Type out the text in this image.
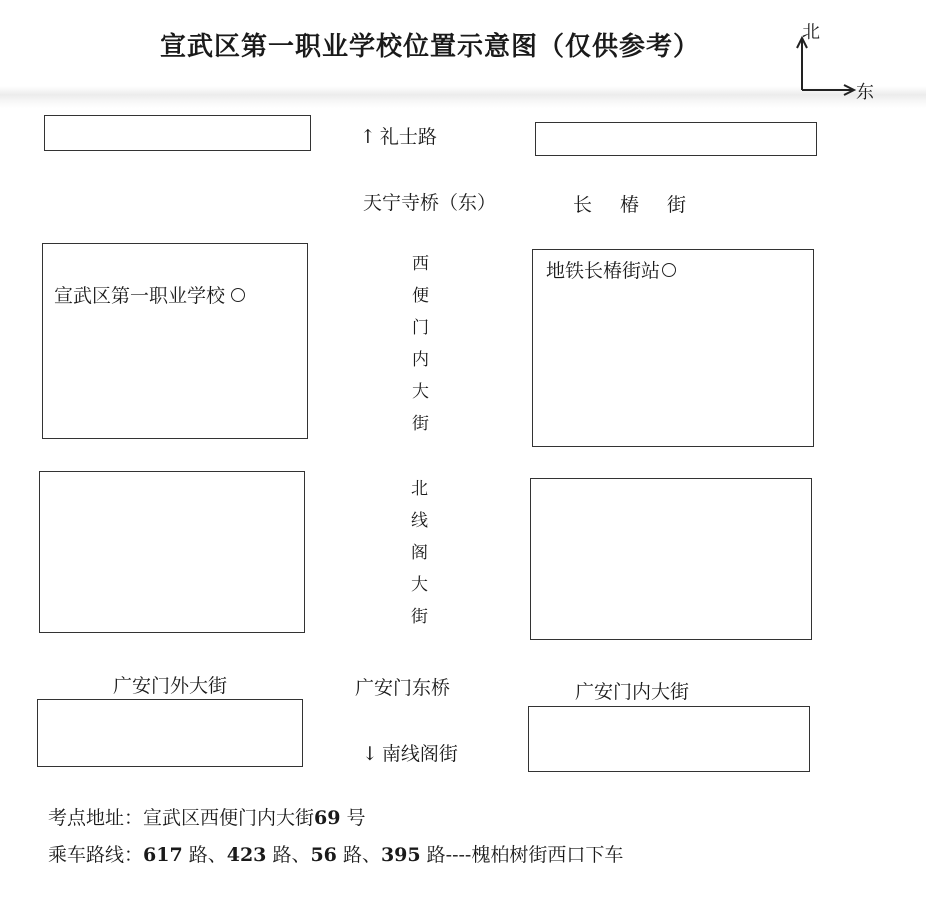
宣武区第一职业学校位置示意图（仅供参考）	北
东
↑ 礼士路
天宁寺桥（东）	长 椿 街
西
便
门
内
大
街
北
线
阁
大
街
宣武区第一职业学校
地铁长椿街站
广安门外大街	广安门东桥	广安门内大街
↓ 南线阁街
考点地址：宣武区西便门内大街69 号
乘车路线：617 路、423 路、56 路、395 路----槐柏树街西口下车
